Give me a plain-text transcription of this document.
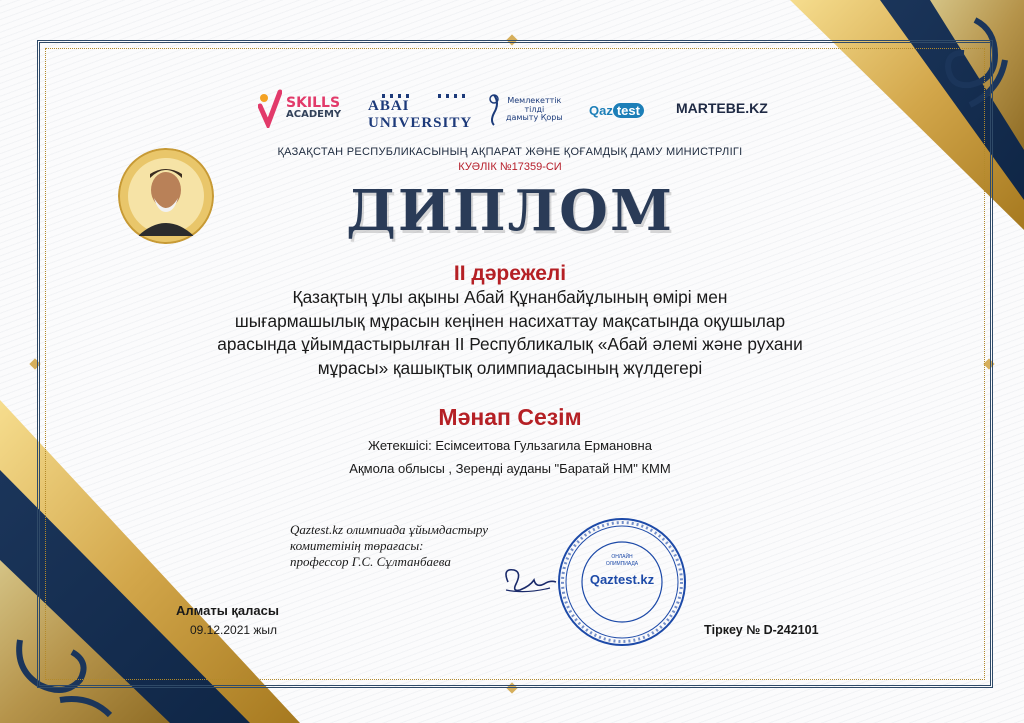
SKILLS
ACADEMY
ABAI UNIVERSITY
Мемлекеттік
тілді
дамыту Қоры
Qaz test	MARTEBE.KZ
ҚАЗАҚСТАН РЕСПУБЛИКАСЫНЫҢ АҚПАРАТ ЖӘНЕ ҚОҒАМДЫҚ ДАМУ МИНИСТРЛІГІ
КУӘЛІК №17359-СИ
ДИПЛОМ
II дәрежелі
Қазақтың ұлы ақыны Абай Құнанбайұлының өмірі мен
шығармашылық мұрасын кеңінен насихаттау мақсатында оқушылар
арасында ұйымдастырылған II Республикалық «Абай әлемі және рухани
мұрасы» қашықтық олимпиадасының жүлдегері
Мәнап Сезім
Жетекшісі: Есімсеитова Гульзагила Ермановна
Ақмола облысы , Зеренді ауданы "Баратай НМ" КММ
Qaztest.kz олимпиада ұйымдастыру
комитетінің төрағасы:
профессор Г.С. Сұлтанбаева	ОНЛАЙН
ОЛИМПИАДА
Qaztest.kz
Алматы қаласы
09.12.2021 жыл	Тіркеу № D-242101
